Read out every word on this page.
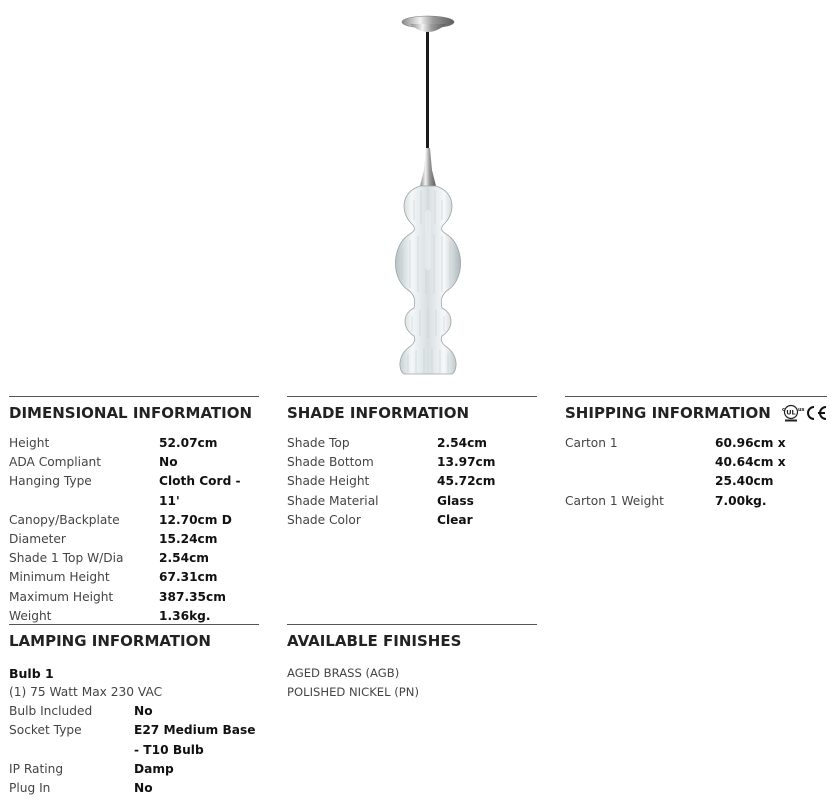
DIMENSIONAL INFORMATION
Height	52.07cm
ADA Compliant	No
Hanging Type	Cloth Cord - 11'
Canopy/Backplate	12.70cm D
Diameter	15.24cm
Shade 1 Top W/Dia	2.54cm
Minimum Height	67.31cm
Maximum Height	387.35cm
Weight	1.36kg.
SHADE INFORMATION
Shade Top	2.54cm
Shade Bottom	13.97cm
Shade Height	45.72cm
Shade Material	Glass
Shade Color	Clear
SHIPPING INFORMATION UL
c	us
Carton 1	60.96cm x 40.64cm x 25.40cm
Carton 1 Weight	7.00kg.
LAMPING INFORMATION
Bulb 1
(1) 75 Watt Max 230 VAC
Bulb Included	No
Socket Type	E27 Medium Base - T10 Bulb
IP Rating	Damp
Plug In	No
AVAILABLE FINISHES
AGED BRASS (AGB)
POLISHED NICKEL (PN)
